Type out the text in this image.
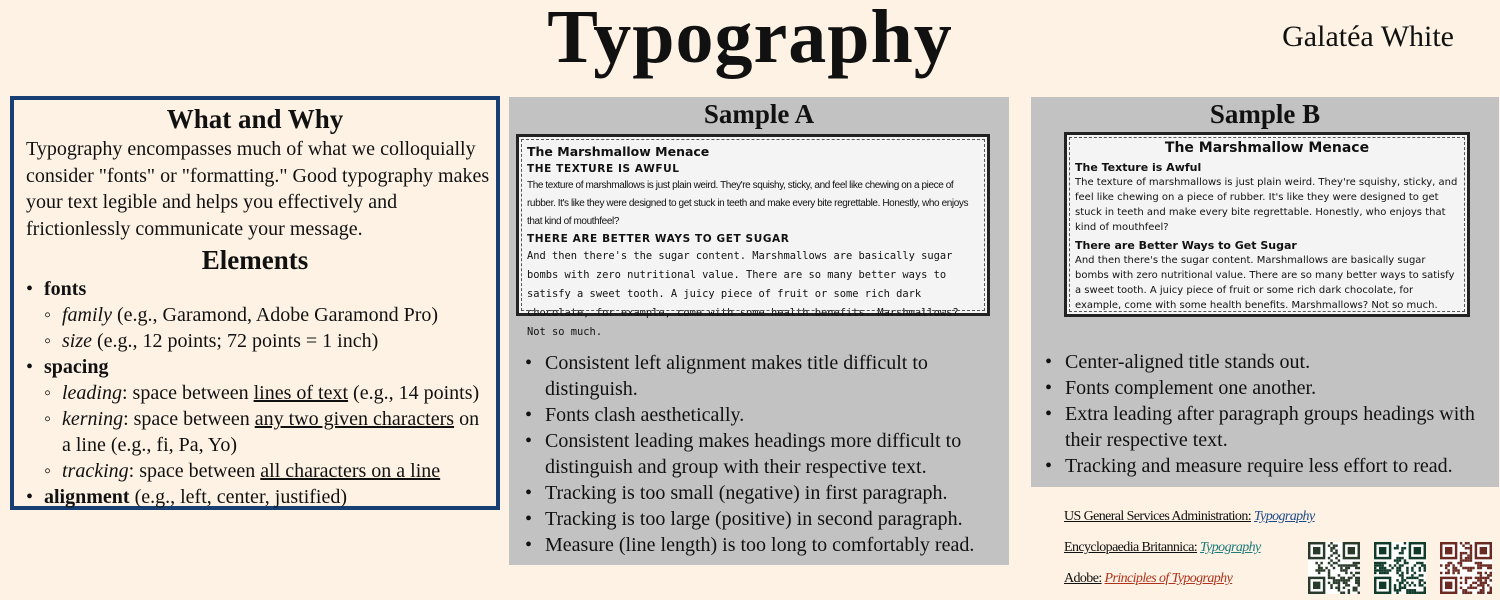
Typography	Galatéa White
What and Why

Typography encompasses much of what we colloquially consider "fonts" or "formatting." Good typography makes your text legible and helps you effectively and frictionlessly communicate your message.

Elements
• fonts
◦ family (e.g., Garamond, Adobe Garamond Pro)
◦ size (e.g., 12 points; 72 points = 1 inch)
• spacing
◦ leading: space between lines of text (e.g., 14 points)
◦ kerning: space between any two given characters on a line (e.g., fi, Pa, Yo)
◦ tracking: space between all characters on a line
• alignment (e.g., left, center, justified)
Sample A
The Marshmallow Menace
THE TEXTURE IS AWFUL
The texture of marshmallows is just plain weird. They're squishy, sticky, and feel like chewing on a piece of rubber. It's like they were designed to get stuck in teeth and make every bite regrettable. Honestly, who enjoys that kind of mouthfeel?
THERE ARE BETTER WAYS TO GET SUGAR
And then there's the sugar content. Marshmallows are basically sugar bombs with zero nutritional value. There are so many better ways to satisfy a sweet tooth. A juicy piece of fruit or some rich dark chocolate, for example, come with some health benefits. Marshmallows? Not so much.
• Consistent left alignment makes title difficult to distinguish.
• Fonts clash aesthetically.
• Consistent leading makes headings more difficult to distinguish and group with their respective text.
• Tracking is too small (negative) in first paragraph.
• Tracking is too large (positive) in second paragraph.
• Measure (line length) is too long to comfortably read.
Sample B
The Marshmallow Menace
The Texture is Awful
The texture of marshmallows is just plain weird. They're squishy, sticky, and feel like chewing on a piece of rubber. It's like they were designed to get stuck in teeth and make every bite regrettable. Honestly, who enjoys that kind of mouthfeel?
There are Better Ways to Get Sugar
And then there's the sugar content. Marshmallows are basically sugar bombs with zero nutritional value. There are so many better ways to satisfy a sweet tooth. A juicy piece of fruit or some rich dark chocolate, for example, come with some health benefits. Marshmallows? Not so much.
• Center-aligned title stands out.
• Fonts complement one another.
• Extra leading after paragraph groups headings with their respective text.
• Tracking and measure require less effort to read.
US General Services Administration: Typography
Encyclopaedia Britannica: Typography
Adobe: Principles of Typography
